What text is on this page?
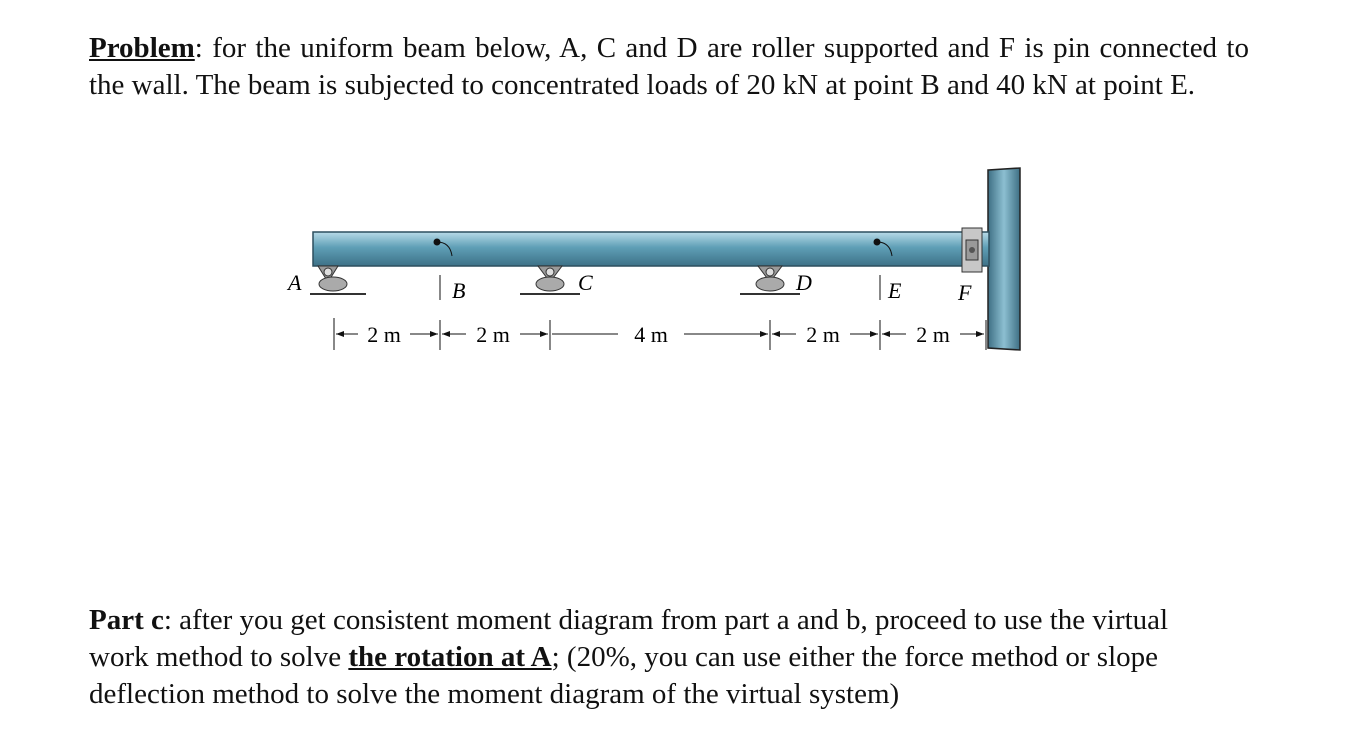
Problem: for the uniform beam below, A, C and D are roller supported and F is pin connected to the wall. The beam is subjected to concentrated loads of 20 kN at point B and 40 kN at point E.
A	B	C	D	E	F
2 m	2 m	4 m	2 m	2 m
Part c: after you get consistent moment diagram from part a and b, proceed to use the virtual work method to solve the rotation at A; (20%, you can use either the force method or slope deflection method to solve the moment diagram of the virtual system)
